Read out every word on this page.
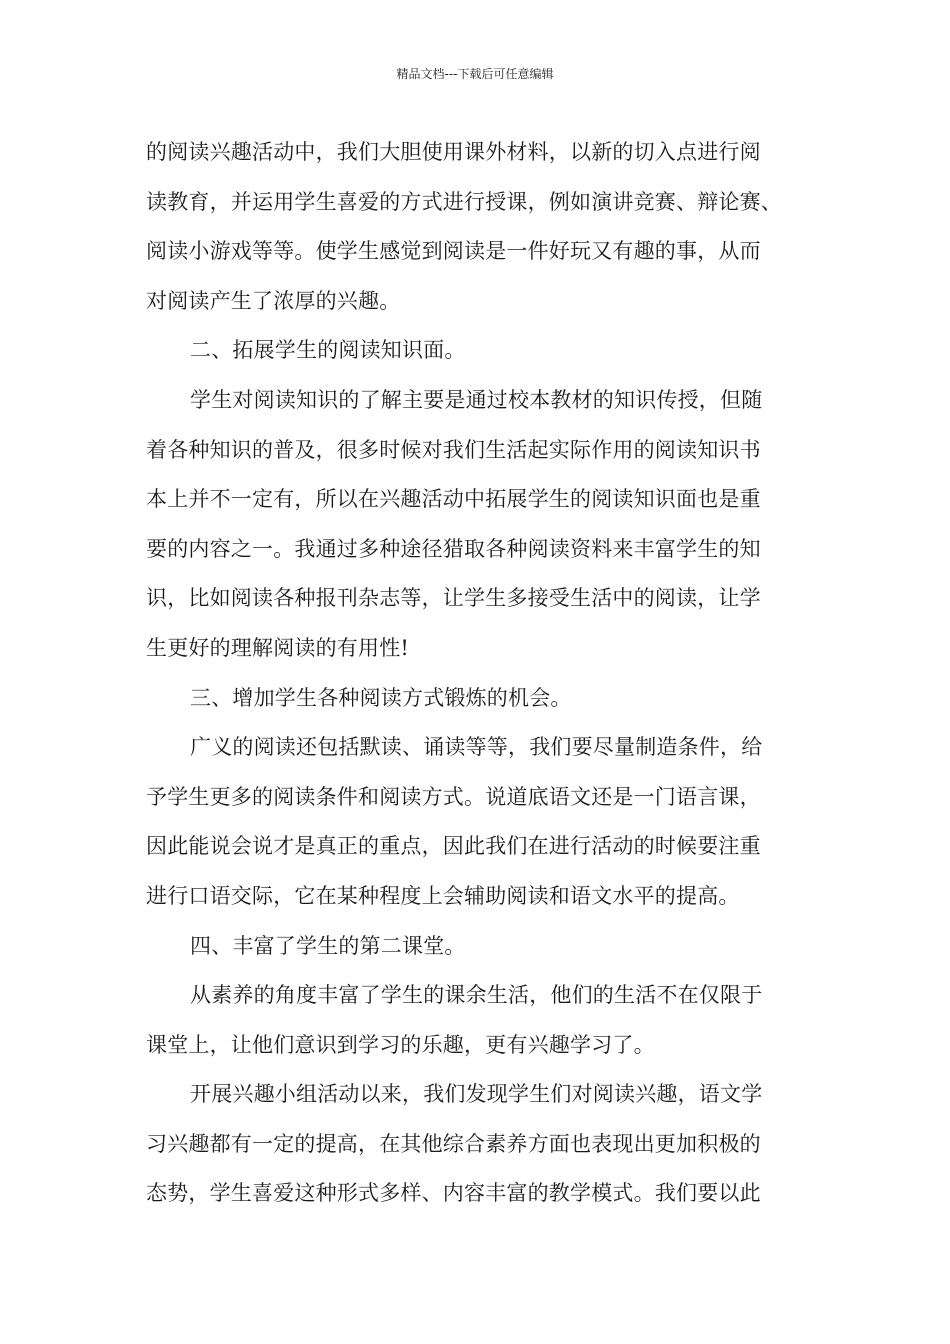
精品文档---下载后可任意编辑
的阅读兴趣活动中，我们大胆使用课外材料，以新的切入点进行阅
读教育，并运用学生喜爱的方式进行授课，例如演讲竞赛、辩论赛、
阅读小游戏等等。使学生感觉到阅读是一件好玩又有趣的事，从而
对阅读产生了浓厚的兴趣。
二、拓展学生的阅读知识面。
学生对阅读知识的了解主要是通过校本教材的知识传授，但随
着各种知识的普及，很多时候对我们生活起实际作用的阅读知识书
本上并不一定有，所以在兴趣活动中拓展学生的阅读知识面也是重
要的内容之一。我通过多种途径猎取各种阅读资料来丰富学生的知
识，比如阅读各种报刊杂志等，让学生多接受生活中的阅读，让学
生更好的理解阅读的有用性!
三、增加学生各种阅读方式锻炼的机会。
广义的阅读还包括默读、诵读等等，我们要尽量制造条件，给
予学生更多的阅读条件和阅读方式。说道底语文还是一门语言课，
因此能说会说才是真正的重点，因此我们在进行活动的时候要注重
进行口语交际，它在某种程度上会辅助阅读和语文水平的提高。
四、丰富了学生的第二课堂。
从素养的角度丰富了学生的课余生活，他们的生活不在仅限于
课堂上，让他们意识到学习的乐趣，更有兴趣学习了。
开展兴趣小组活动以来，我们发现学生们对阅读兴趣，语文学
习兴趣都有一定的提高，在其他综合素养方面也表现出更加积极的
态势，学生喜爱这种形式多样、内容丰富的教学模式。我们要以此
